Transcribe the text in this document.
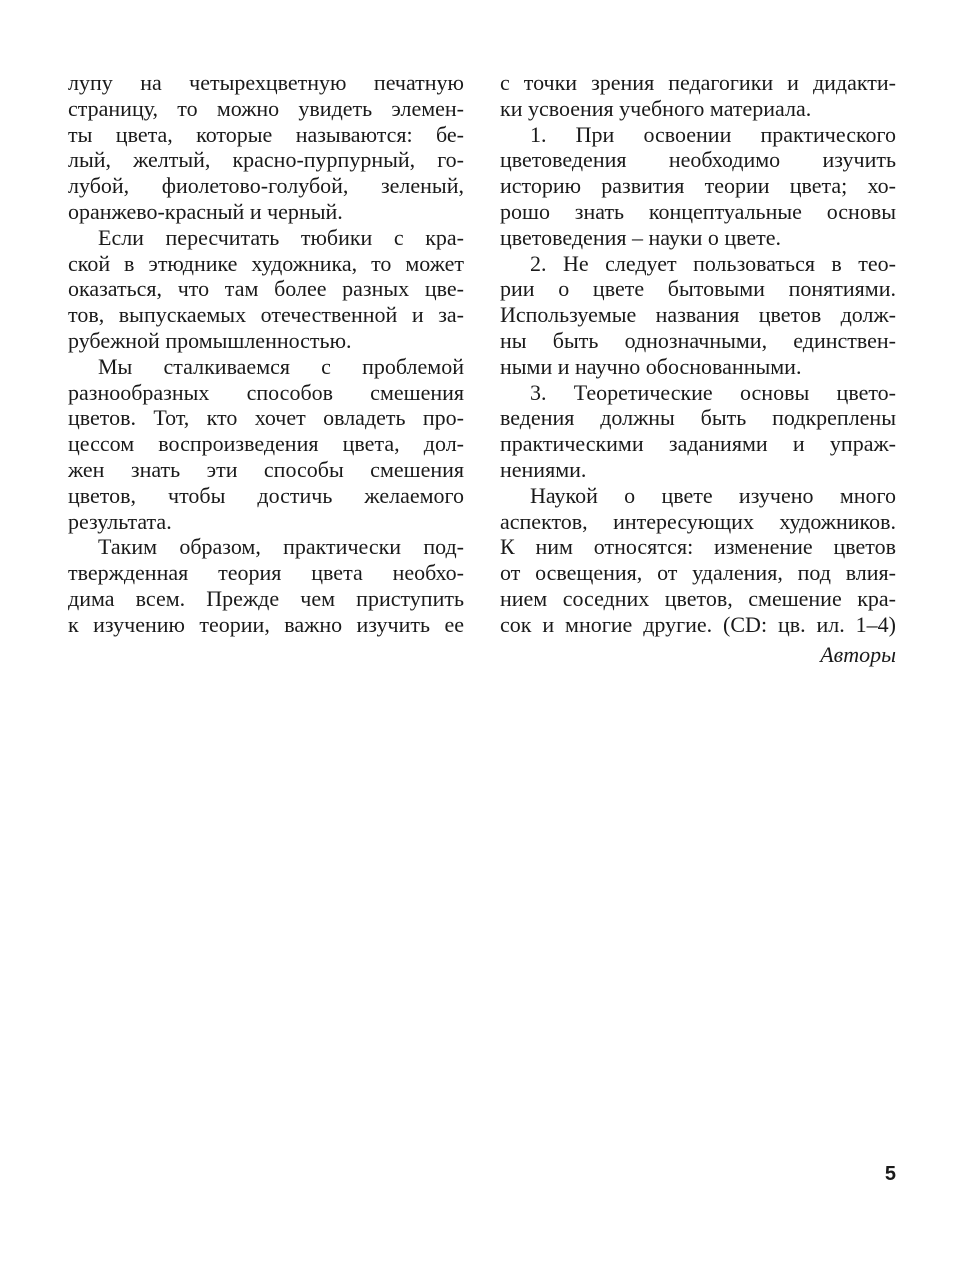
лупу на четырехцветную печатную
страницу, то можно увидеть элемен-
ты цвета, которые называются: бе-
лый, желтый, красно-пурпурный, го-
лубой, фиолетово-голубой, зеленый,
оранжево-красный и черный.
Если пересчитать тюбики с кра-
ской в этюднике художника, то может
оказаться, что там более разных цве-
тов, выпускаемых отечественной и за-
рубежной промышленностью.
Мы сталкиваемся с проблемой
разнообразных способов смешения
цветов. Тот, кто хочет овладеть про-
цессом воспроизведения цвета, дол-
жен знать эти способы смешения
цветов, чтобы достичь желаемого
результата.
Таким образом, практически под-
твержденная теория цвета необхо-
дима всем. Прежде чем приступить
к изучению теории, важно изучить ее
с точки зрения педагогики и дидакти-
ки усвоения учебного материала.
1. При освоении практического
цветоведения необходимо изучить
историю развития теории цвета; хо-
рошо знать концептуальные основы
цветоведения – науки о цвете.
2. Не следует пользоваться в тео-
рии о цвете бытовыми понятиями.
Используемые названия цветов долж-
ны быть однозначными, единствен-
ными и научно обоснованными.
3. Теоретические основы цвето-
ведения должны быть подкреплены
практическими заданиями и упраж-
нениями.
Наукой о цвете изучено много
аспектов, интересующих художников.
К ним относятся: изменение цветов
от освещения, от удаления, под влия-
нием соседних цветов, смешение кра-
сок и многие другие. (CD: цв. ил. 1–4)
Авторы
5
